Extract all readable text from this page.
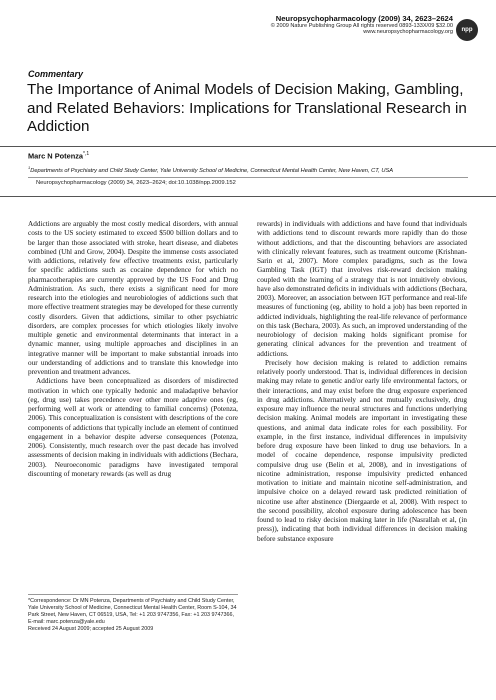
Neuropsychopharmacology (2009) 34, 2623–2624
© 2009 Nature Publishing Group All rights reserved 0893-133X/09 $32.00
www.neuropsychopharmacology.org	npp
Commentary
The Importance of Animal Models of Decision Making, Gambling, and Related Behaviors: Implications for Translational Research in Addiction
Marc N Potenza$^{*,1}$
$^1$Departments of Psychiatry and Child Study Center, Yale University School of Medicine, Connecticut Mental Health Center, New Haven, CT, USA
Neuropsychopharmacology (2009) 34, 2623–2624; doi:10.1038/npp.2009.152

Addictions are arguably the most costly medical disorders, with annual costs to the US society estimated to exceed $500 billion dollars and to be larger than those associated with stroke, heart disease, and diabetes combined (Uhl and Grow, 2004). Despite the immense costs associated with addictions, relatively few effective treatments exist, particularly for specific addictions such as cocaine dependence for which no pharmacotherapies are currently approved by the US Food and Drug Administration. As such, there exists a significant need for more research into the etiologies and neurobiologies of addictions such that more effective treatment strategies may be developed for these currently costly disorders. Given that addictions, similar to other psychiatric disorders, are complex processes for which etiologies likely involve multiple genetic and environmental determinants that interact in a dynamic manner, using multiple approaches and disciplines in an integrative manner will be important to make substantial inroads into our understanding of addictions and to translate this knowledge into prevention and treatment advances.

Addictions have been conceptualized as disorders of misdirected motivation in which one typically hedonic and maladaptive behavior (eg, drug use) takes precedence over other more adaptive ones (eg, performing well at work or attending to familial concerns) (Potenza, 2006). This conceptualization is consistent with descriptions of the core components of addictions that typically include an element of continued engagement in a behavior despite adverse consequences (Potenza, 2006). Consistently, much research over the past decade has involved assessments of decision making in individuals with addictions (Bechara, 2003). Neuroeconomic paradigms have investigated temporal discounting of monetary rewards (as well as drug

rewards) in individuals with addictions and have found that individuals with addictions tend to discount rewards more rapidly than do those without addictions, and that the discounting behaviors are associated with clinically relevant features, such as treatment outcome (Krishnan-Sarin et al, 2007). More complex paradigms, such as the Iowa Gambling Task (IGT) that involves risk-reward decision making coupled with the learning of a strategy that is not intuitively obvious, have also demonstrated deficits in individuals with addictions (Bechara, 2003). Moreover, an association between IGT performance and real-life measures of functioning (eg, ability to hold a job) has been reported in addicted individuals, highlighting the real-life relevance of performance on this task (Bechara, 2003). As such, an improved understanding of the neurobiology of decision making holds significant promise for generating clinical advances for the prevention and treatment of addictions.

Precisely how decision making is related to addiction remains relatively poorly understood. That is, individual differences in decision making may relate to genetic and/or early life environmental factors, or their interactions, and may exist before the drug exposure experienced in drug addictions. Alternatively and not mutually exclusively, drug exposure may influence the neural structures and functions underlying decision making. Animal models are important in investigating these questions, and animal data indicate roles for each possibility. For example, in the first instance, individual differences in impulsivity before drug exposure have been linked to drug use behaviors. In a model of cocaine dependence, response impulsivity predicted compulsive drug use (Belin et al, 2008), and in investigations of nicotine administration, response impulsivity predicted enhanced motivation to initiate and maintain nicotine self-administration, and impulsive choice on a delayed reward task predicted reinitiation of nicotine use after abstinence (Diergaarde et al, 2008). With respect to the second possibility, alcohol exposure during adolescence has been found to lead to risky decision making later in life (Nasrallah et al, (in press)), indicating that both individual differences in decision making before substance exposure

*Correspondence: Dr MN Potenza, Departments of Psychiatry and Child Study Center, Yale University School of Medicine, Connecticut Mental Health Center, Room S-104, 34 Park Street, New Haven, CT 06519, USA, Tel: +1 203 9747356, Fax: +1 203 9747366,
E-mail: marc.potenza@yale.edu
Received 24 August 2009; accepted 25 August 2009
